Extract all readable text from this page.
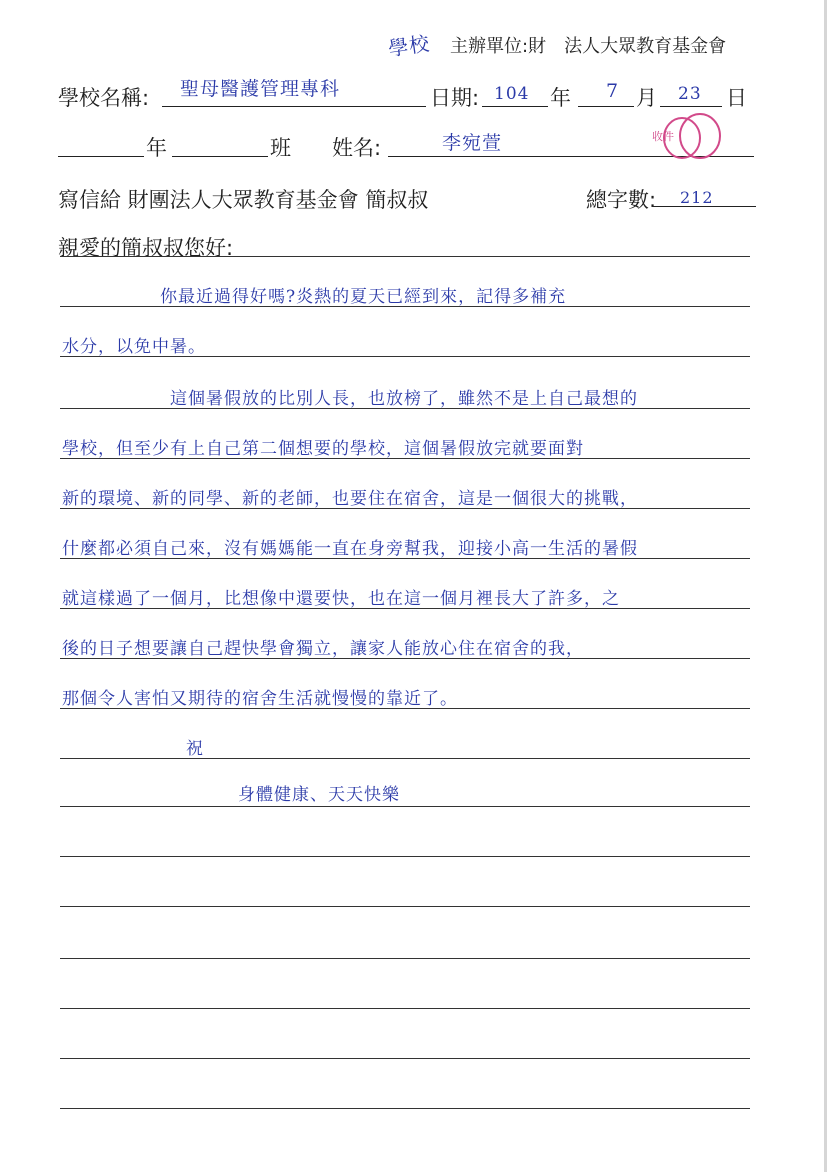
主辦單位:財　法人大眾教育基金會
學校
學校名稱: 聖母醫護管理專科	日期: 104 年 7 月 23 日
年	班 姓名:	李宛萱	收件
寫信給 財團法人大眾教育基金會 簡叔叔	總字數: 212
親愛的簡叔叔您好:
你最近過得好嗎?炎熱的夏天已經到來，記得多補充
水分，以免中暑。
這個暑假放的比別人長，也放榜了，雖然不是上自己最想的
學校，但至少有上自己第二個想要的學校，這個暑假放完就要面對
新的環境、新的同學、新的老師，也要住在宿舍，這是一個很大的挑戰，
什麼都必須自己來，沒有媽媽能一直在身旁幫我，迎接小高一生活的暑假
就這樣過了一個月，比想像中還要快，也在這一個月裡長大了許多，之
後的日子想要讓自己趕快學會獨立，讓家人能放心住在宿舍的我，
那個令人害怕又期待的宿舍生活就慢慢的靠近了。
祝
身體健康、天天快樂
